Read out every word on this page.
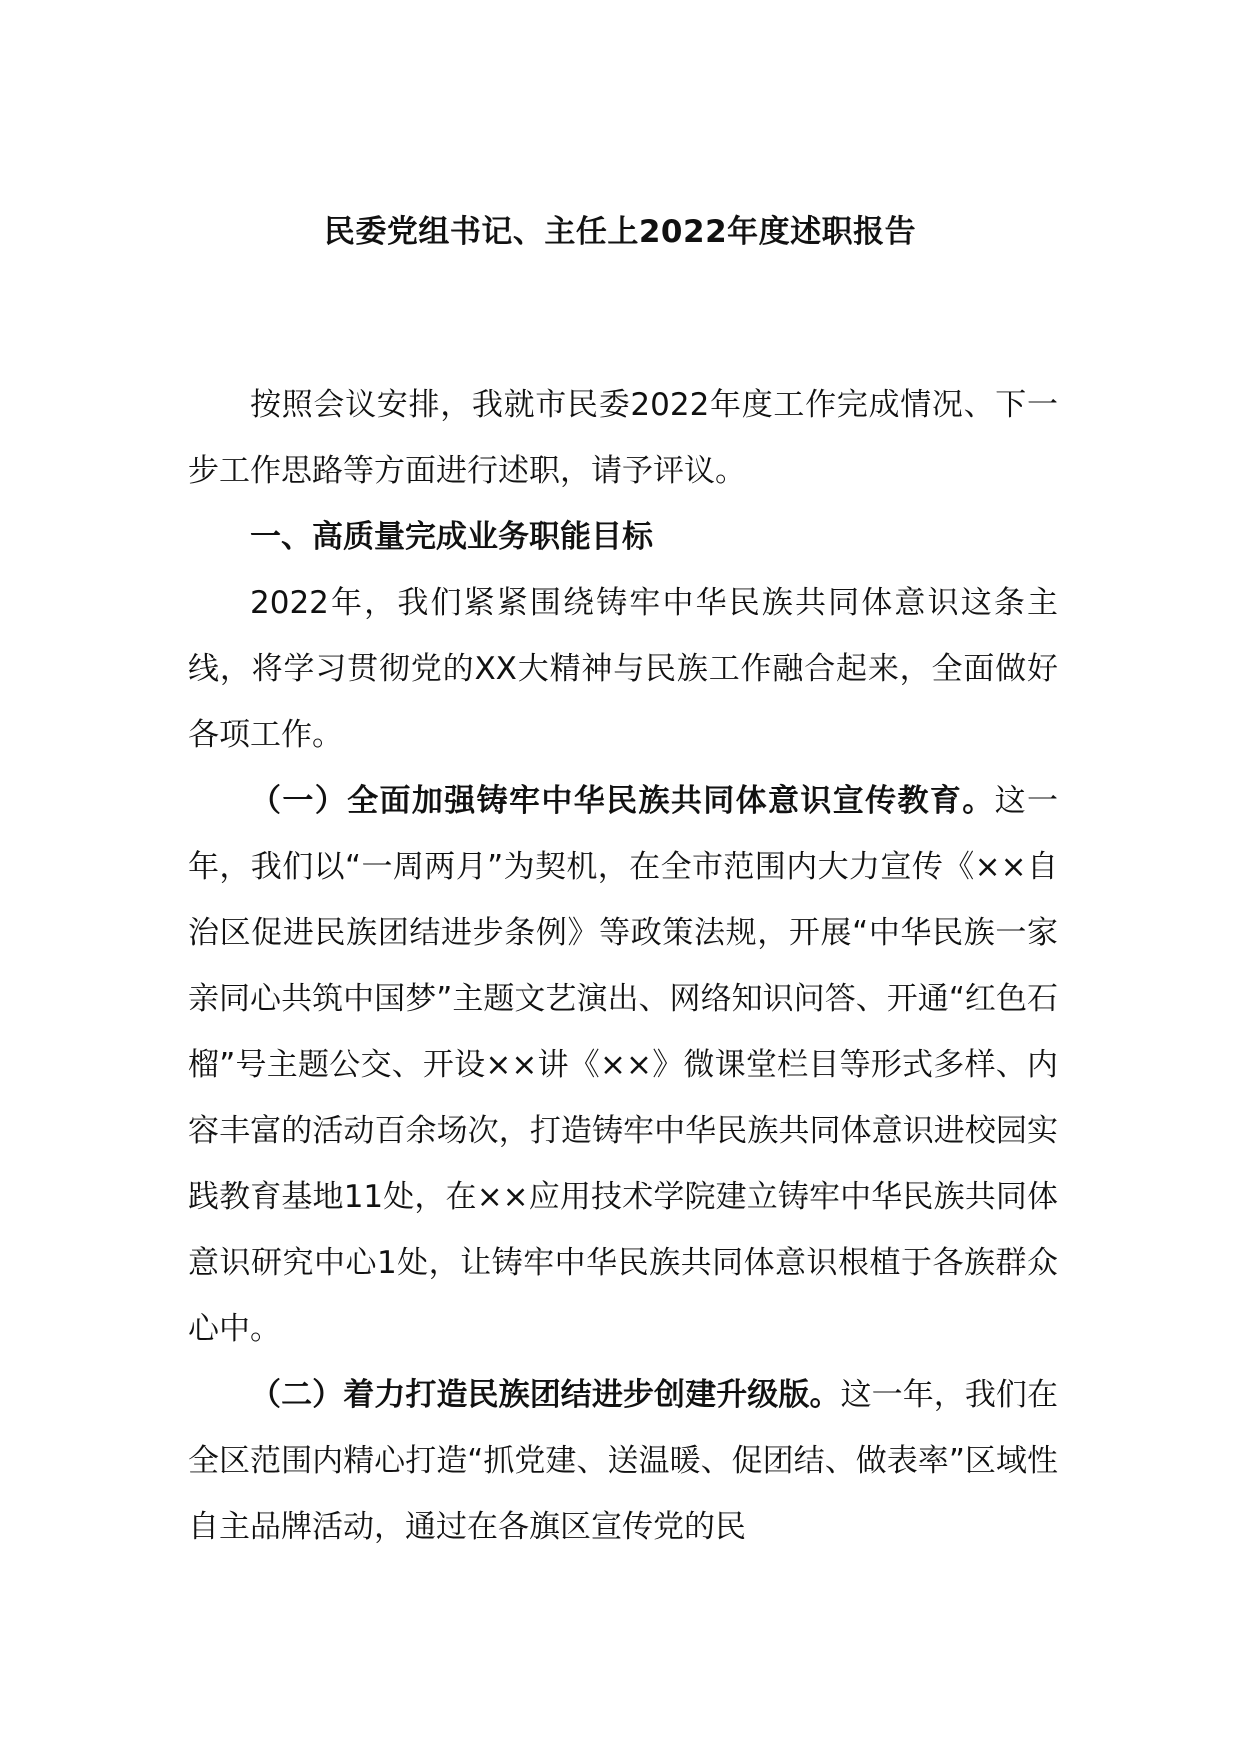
民委党组书记、主任上2022年度述职报告

按照会议安排，我就市民委2022年度工作完成情况、下一步工作思路等方面进行述职，请予评议。

一、高质量完成业务职能目标

2022年，我们紧紧围绕铸牢中华民族共同体意识这条主线，将学习贯彻党的XX大精神与民族工作融合起来，全面做好各项工作。

（一）全面加强铸牢中华民族共同体意识宣传教育。这一年，我们以“一周两月”为契机，在全市范围内大力宣传《××自治区促进民族团结进步条例》等政策法规，开展“中华民族一家亲同心共筑中国梦”主题文艺演出、网络知识问答、开通“红色石榴”号主题公交、开设××讲《××》微课堂栏目等形式多样、内容丰富的活动百余场次，打造铸牢中华民族共同体意识进校园实践教育基地11处，在××应用技术学院建立铸牢中华民族共同体意识研究中心1处，让铸牢中华民族共同体意识根植于各族群众心中。

（二）着力打造民族团结进步创建升级版。这一年，我们在全区范围内精心打造“抓党建、送温暖、促团结、做表率”区域性自主品牌活动，通过在各旗区宣传党的民
